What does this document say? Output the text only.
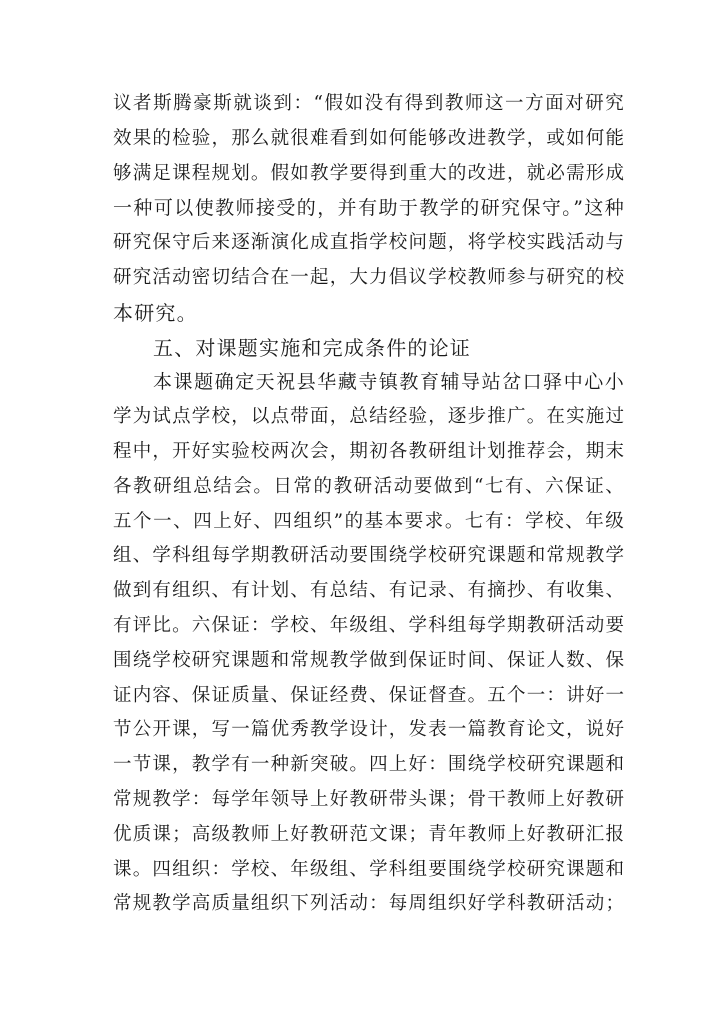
议者斯腾豪斯就谈到：“假如没有得到教师这一方面对研究
效果的检验，那么就很难看到如何能够改进教学，或如何能
够满足课程规划。假如教学要得到重大的改进，就必需形成
一种可以使教师接受的，并有助于教学的研究保守。”这种
研究保守后来逐渐演化成直指学校问题，将学校实践活动与
研究活动密切结合在一起，大力倡议学校教师参与研究的校
本研究。
五、对课题实施和完成条件的论证
本课题确定天祝县华藏寺镇教育辅导站岔口驿中心小
学为试点学校，以点带面，总结经验，逐步推广。在实施过
程中，开好实验校两次会，期初各教研组计划推荐会，期末
各教研组总结会。日常的教研活动要做到“七有、六保证、
五个一、四上好、四组织”的基本要求。七有：学校、年级
组、学科组每学期教研活动要围绕学校研究课题和常规教学
做到有组织、有计划、有总结、有记录、有摘抄、有收集、
有评比。六保证：学校、年级组、学科组每学期教研活动要
围绕学校研究课题和常规教学做到保证时间、保证人数、保
证内容、保证质量、保证经费、保证督查。五个一：讲好一
节公开课，写一篇优秀教学设计，发表一篇教育论文，说好
一节课，教学有一种新突破。四上好：围绕学校研究课题和
常规教学：每学年领导上好教研带头课；骨干教师上好教研
优质课；高级教师上好教研范文课；青年教师上好教研汇报
课。四组织：学校、年级组、学科组要围绕学校研究课题和
常规教学高质量组织下列活动：每周组织好学科教研活动；
